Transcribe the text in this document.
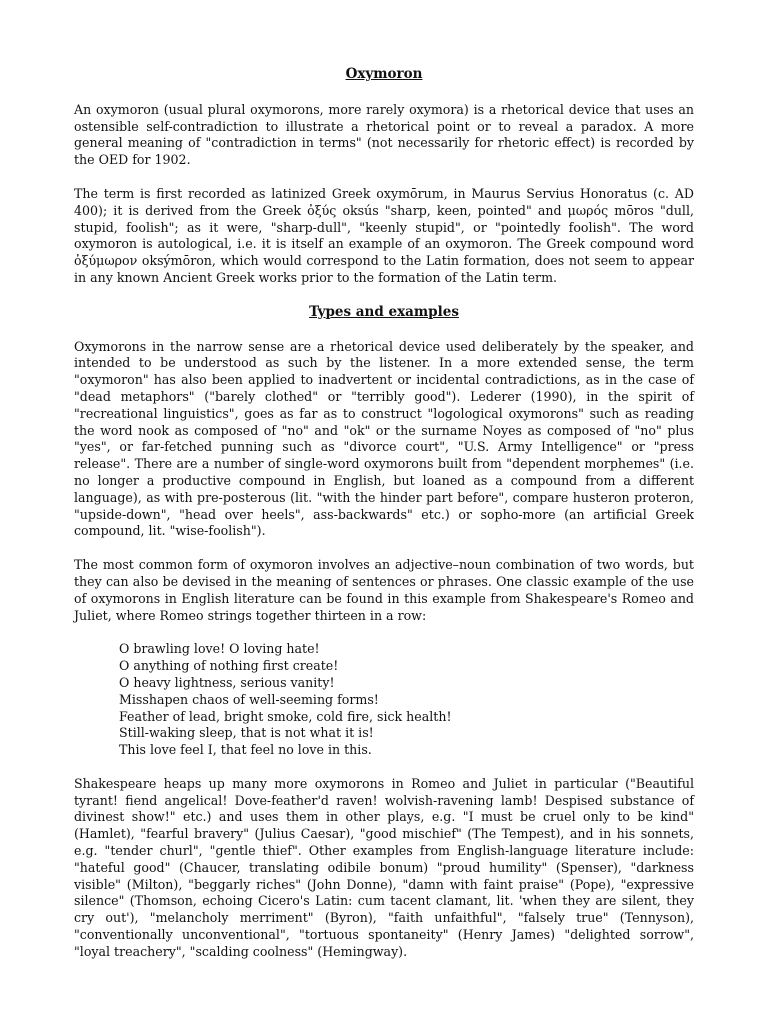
Oxymoron

An oxymoron (usual plural oxymorons, more rarely oxymora) is a rhetorical device that uses an ostensible self-contradiction to illustrate a rhetorical point or to reveal a paradox. A more general meaning of "contradiction in terms" (not necessarily for rhetoric effect) is recorded by the OED for 1902.

The term is first recorded as latinized Greek oxymōrum, in Maurus Servius Honoratus (c. AD 400); it is derived from the Greek ὀξύς oksús "sharp, keen, pointed" and μωρός mōros "dull, stupid, foolish"; as it were, "sharp-dull", "keenly stupid", or "pointedly foolish". The word oxymoron is autological, i.e. it is itself an example of an oxymoron. The Greek compound word ὀξύμωρον oksýmōron, which would correspond to the Latin formation, does not seem to appear in any known Ancient Greek works prior to the formation of the Latin term.

Types and examples

Oxymorons in the narrow sense are a rhetorical device used deliberately by the speaker, and intended to be understood as such by the listener. In a more extended sense, the term "oxymoron" has also been applied to inadvertent or incidental contradictions, as in the case of "dead metaphors" ("barely clothed" or "terribly good"). Lederer (1990), in the spirit of "recreational linguistics", goes as far as to construct "logological oxymorons" such as reading the word nook as composed of "no" and "ok" or the surname Noyes as composed of "no" plus "yes", or far-fetched punning such as "divorce court", "U.S. Army Intelligence" or "press release". There are a number of single-word oxymorons built from "dependent morphemes" (i.e. no longer a productive compound in English, but loaned as a compound from a different language), as with pre-posterous (lit. "with the hinder part before", compare husteron proteron, "upside-down", "head over heels", ass-backwards" etc.) or sopho-more (an artificial Greek compound, lit. "wise-foolish").

The most common form of oxymoron involves an adjective–noun combination of two words, but they can also be devised in the meaning of sentences or phrases. One classic example of the use of oxymorons in English literature can be found in this example from Shakespeare's Romeo and Juliet, where Romeo strings together thirteen in a row:

O brawling love! O loving hate!
O anything of nothing first create!
O heavy lightness, serious vanity!
Misshapen chaos of well-seeming forms!
Feather of lead, bright smoke, cold fire, sick health!
Still-waking sleep, that is not what it is!
This love feel I, that feel no love in this.

Shakespeare heaps up many more oxymorons in Romeo and Juliet in particular ("Beautiful tyrant! fiend angelical! Dove-feather'd raven! wolvish-ravening lamb! Despised substance of divinest show!" etc.) and uses them in other plays, e.g. "I must be cruel only to be kind" (Hamlet), "fearful bravery" (Julius Caesar), "good mischief" (The Tempest), and in his sonnets, e.g. "tender churl", "gentle thief". Other examples from English-language literature include: "hateful good" (Chaucer, translating odibile bonum) "proud humility" (Spenser), "darkness visible" (Milton), "beggarly riches" (John Donne), "damn with faint praise" (Pope), "expressive silence" (Thomson, echoing Cicero's Latin: cum tacent clamant, lit. 'when they are silent, they cry out'), "melancholy merriment" (Byron), "faith unfaithful", "falsely true" (Tennyson), "conventionally unconventional", "tortuous spontaneity" (Henry James) "delighted sorrow", "loyal treachery", "scalding coolness" (Hemingway).
